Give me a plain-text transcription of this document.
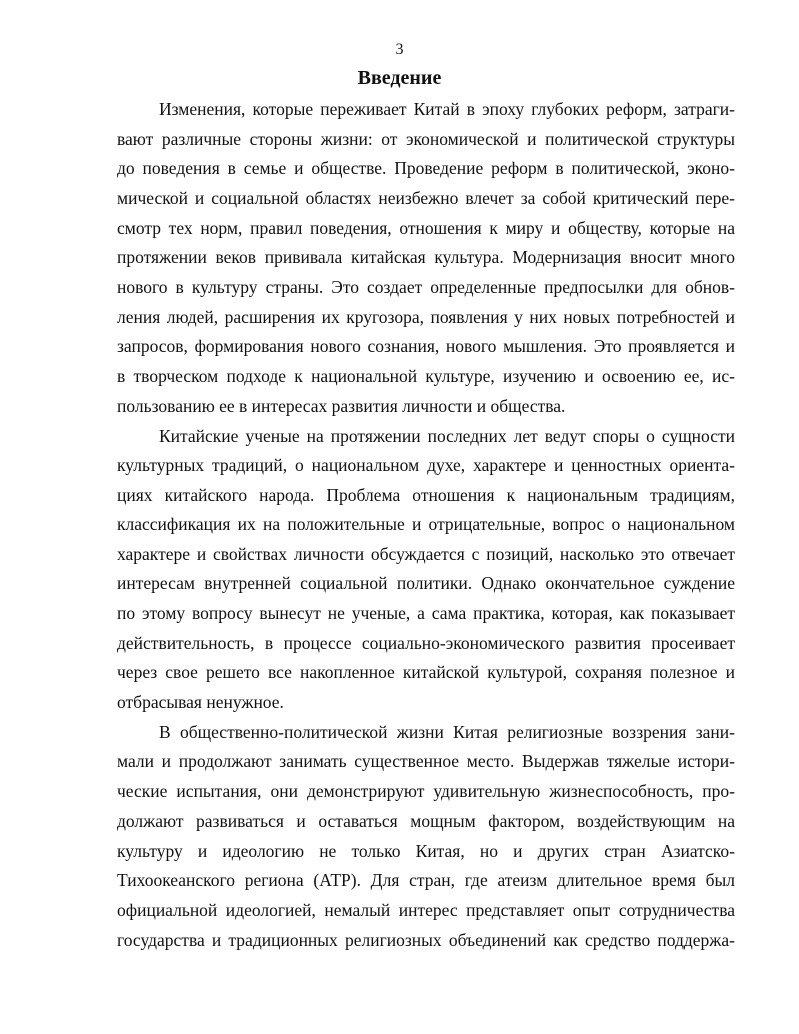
3
Введение
Изменения, которые переживает Китай в эпоху глубоких реформ, затраги-
вают различные стороны жизни: от экономической и политической структуры
до поведения в семье и обществе. Проведение реформ в политической, эконо-
мической и социальной областях неизбежно влечет за собой критический пере-
смотр тех норм, правил поведения, отношения к миру и обществу, которые на
протяжении веков прививала китайская культура. Модернизация вносит много
нового в культуру страны. Это создает определенные предпосылки для обнов-
ления людей, расширения их кругозора, появления у них новых потребностей и
запросов, формирования нового сознания, нового мышления. Это проявляется и
в творческом подходе к национальной культуре, изучению и освоению ее, ис-
пользованию ее в интересах развития личности и общества.
Китайские ученые на протяжении последних лет ведут споры о сущности
культурных традиций, о национальном духе, характере и ценностных ориента-
циях китайского народа. Проблема отношения к национальным традициям,
классификация их на положительные и отрицательные, вопрос о национальном
характере и свойствах личности обсуждается с позиций, насколько это отвечает
интересам внутренней социальной политики. Однако окончательное суждение
по этому вопросу вынесут не ученые, а сама практика, которая, как показывает
действительность, в процессе социально-экономического развития просеивает
через свое решето все накопленное китайской культурой, сохраняя полезное и
отбрасывая ненужное.
В общественно-политической жизни Китая религиозные воззрения зани-
мали и продолжают занимать существенное место. Выдержав тяжелые истори-
ческие испытания, они демонстрируют удивительную жизнеспособность, про-
должают развиваться и оставаться мощным фактором, воздействующим на
культуру и идеологию не только Китая, но и других стран Азиатско-
Тихоокеанского региона (АТР). Для стран, где атеизм длительное время был
официальной идеологией, немалый интерес представляет опыт сотрудничества
государства и традиционных религиозных объединений как средство поддержа-
